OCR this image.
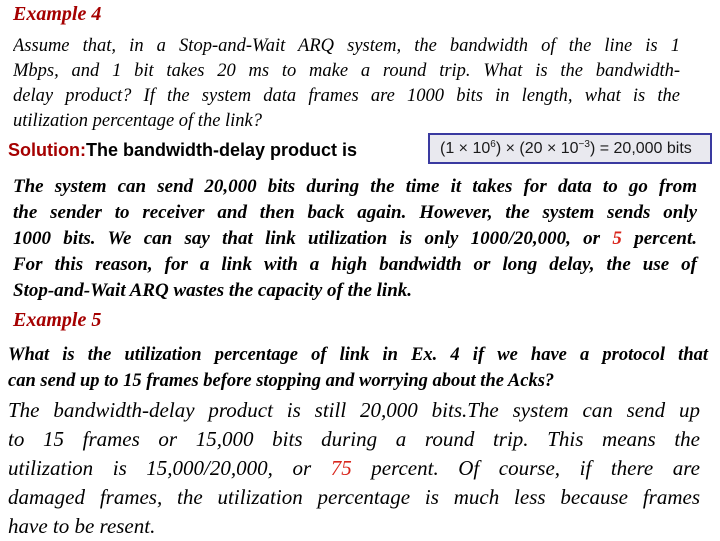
Example 4
Assume that, in a Stop-and-Wait ARQ system, the bandwidth of the line is 1
Mbps, and 1 bit takes 20 ms to make a round trip. What is the bandwidth-
delay product? If the system data frames are 1000 bits in length, what is the
utilization percentage of the link?
Solution:The bandwidth-delay product is	$(1 \times 10^6) \times (20 \times 10^{-3}) = 20,000$ bits
The system can send 20,000 bits during the time it takes for data to go from
the sender to receiver and then back again. However, the system sends only
1000 bits. We can say that link utilization is only 1000/20,000, or 5 percent.
For this reason, for a link with a high bandwidth or long delay, the use of
Stop-and-Wait ARQ wastes the capacity of the link.
Example 5
What is the utilization percentage of link in Ex. 4 if we have a protocol that
can send up to 15 frames before stopping and worrying about the Acks?
The bandwidth-delay product is still 20,000 bits.The system can send up
to 15 frames or 15,000 bits during a round trip. This means the
utilization is 15,000/20,000, or 75 percent. Of course, if there are
damaged frames, the utilization percentage is much less because frames
have to be resent.
